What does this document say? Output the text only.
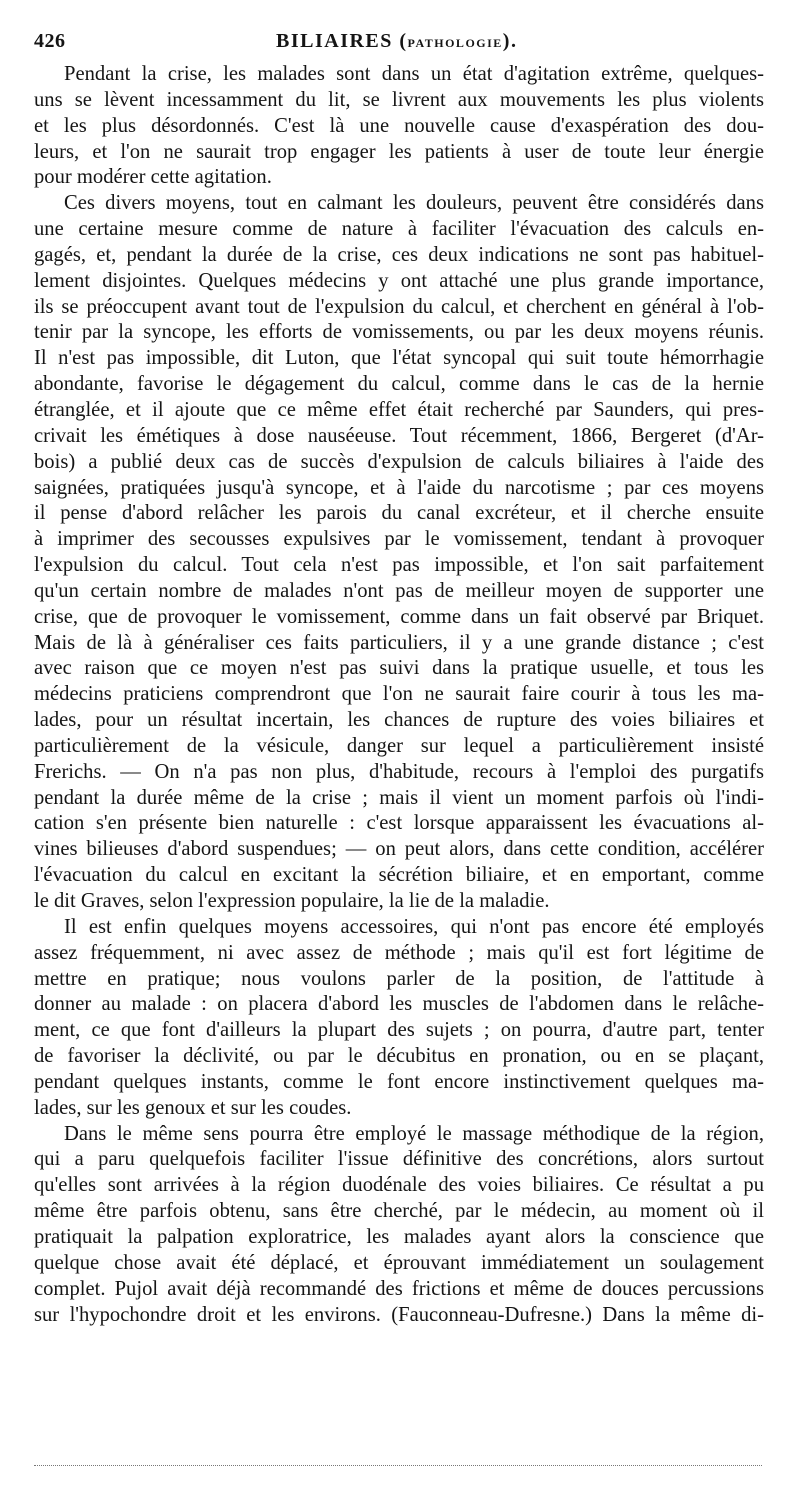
426	BILIAIRES (PATHOLOGIE).
Pendant la crise, les malades sont dans un état d'agitation extrême, quelques-
uns se lèvent incessamment du lit, se livrent aux mouvements les plus violents
et les plus désordonnés. C'est là une nouvelle cause d'exaspération des dou-
leurs, et l'on ne saurait trop engager les patients à user de toute leur énergie
pour modérer cette agitation.
Ces divers moyens, tout en calmant les douleurs, peuvent être considérés dans
une certaine mesure comme de nature à faciliter l'évacuation des calculs en-
gagés, et, pendant la durée de la crise, ces deux indications ne sont pas habituel-
lement disjointes. Quelques médecins y ont attaché une plus grande importance,
ils se préoccupent avant tout de l'expulsion du calcul, et cherchent en général à l'ob-
tenir par la syncope, les efforts de vomissements, ou par les deux moyens réunis.
Il n'est pas impossible, dit Luton, que l'état syncopal qui suit toute hémorrhagie
abondante, favorise le dégagement du calcul, comme dans le cas de la hernie
étranglée, et il ajoute que ce même effet était recherché par Saunders, qui pres-
crivait les émétiques à dose nauséeuse. Tout récemment, 1866, Bergeret (d'Ar-
bois) a publié deux cas de succès d'expulsion de calculs biliaires à l'aide des
saignées, pratiquées jusqu'à syncope, et à l'aide du narcotisme ; par ces moyens
il pense d'abord relâcher les parois du canal excréteur, et il cherche ensuite
à imprimer des secousses expulsives par le vomissement, tendant à provoquer
l'expulsion du calcul. Tout cela n'est pas impossible, et l'on sait parfaitement
qu'un certain nombre de malades n'ont pas de meilleur moyen de supporter une
crise, que de provoquer le vomissement, comme dans un fait observé par Briquet.
Mais de là à généraliser ces faits particuliers, il y a une grande distance ; c'est
avec raison que ce moyen n'est pas suivi dans la pratique usuelle, et tous les
médecins praticiens comprendront que l'on ne saurait faire courir à tous les ma-
lades, pour un résultat incertain, les chances de rupture des voies biliaires et
particulièrement de la vésicule, danger sur lequel a particulièrement insisté
Frerichs. — On n'a pas non plus, d'habitude, recours à l'emploi des purgatifs
pendant la durée même de la crise ; mais il vient un moment parfois où l'indi-
cation s'en présente bien naturelle : c'est lorsque apparaissent les évacuations al-
vines bilieuses d'abord suspendues; — on peut alors, dans cette condition, accélérer
l'évacuation du calcul en excitant la sécrétion biliaire, et en emportant, comme
le dit Graves, selon l'expression populaire, la lie de la maladie.
Il est enfin quelques moyens accessoires, qui n'ont pas encore été employés
assez fréquemment, ni avec assez de méthode ; mais qu'il est fort légitime de
mettre en pratique; nous voulons parler de la position, de l'attitude à
donner au malade : on placera d'abord les muscles de l'abdomen dans le relâche-
ment, ce que font d'ailleurs la plupart des sujets ; on pourra, d'autre part, tenter
de favoriser la déclivité, ou par le décubitus en pronation, ou en se plaçant,
pendant quelques instants, comme le font encore instinctivement quelques ma-
lades, sur les genoux et sur les coudes.
Dans le même sens pourra être employé le massage méthodique de la région,
qui a paru quelquefois faciliter l'issue définitive des concrétions, alors surtout
qu'elles sont arrivées à la région duodénale des voies biliaires. Ce résultat a pu
même être parfois obtenu, sans être cherché, par le médecin, au moment où il
pratiquait la palpation exploratrice, les malades ayant alors la conscience que
quelque chose avait été déplacé, et éprouvant immédiatement un soulagement
complet. Pujol avait déjà recommandé des frictions et même de douces percussions
sur l'hypochondre droit et les environs. (Fauconneau-Dufresne.) Dans la même di-
